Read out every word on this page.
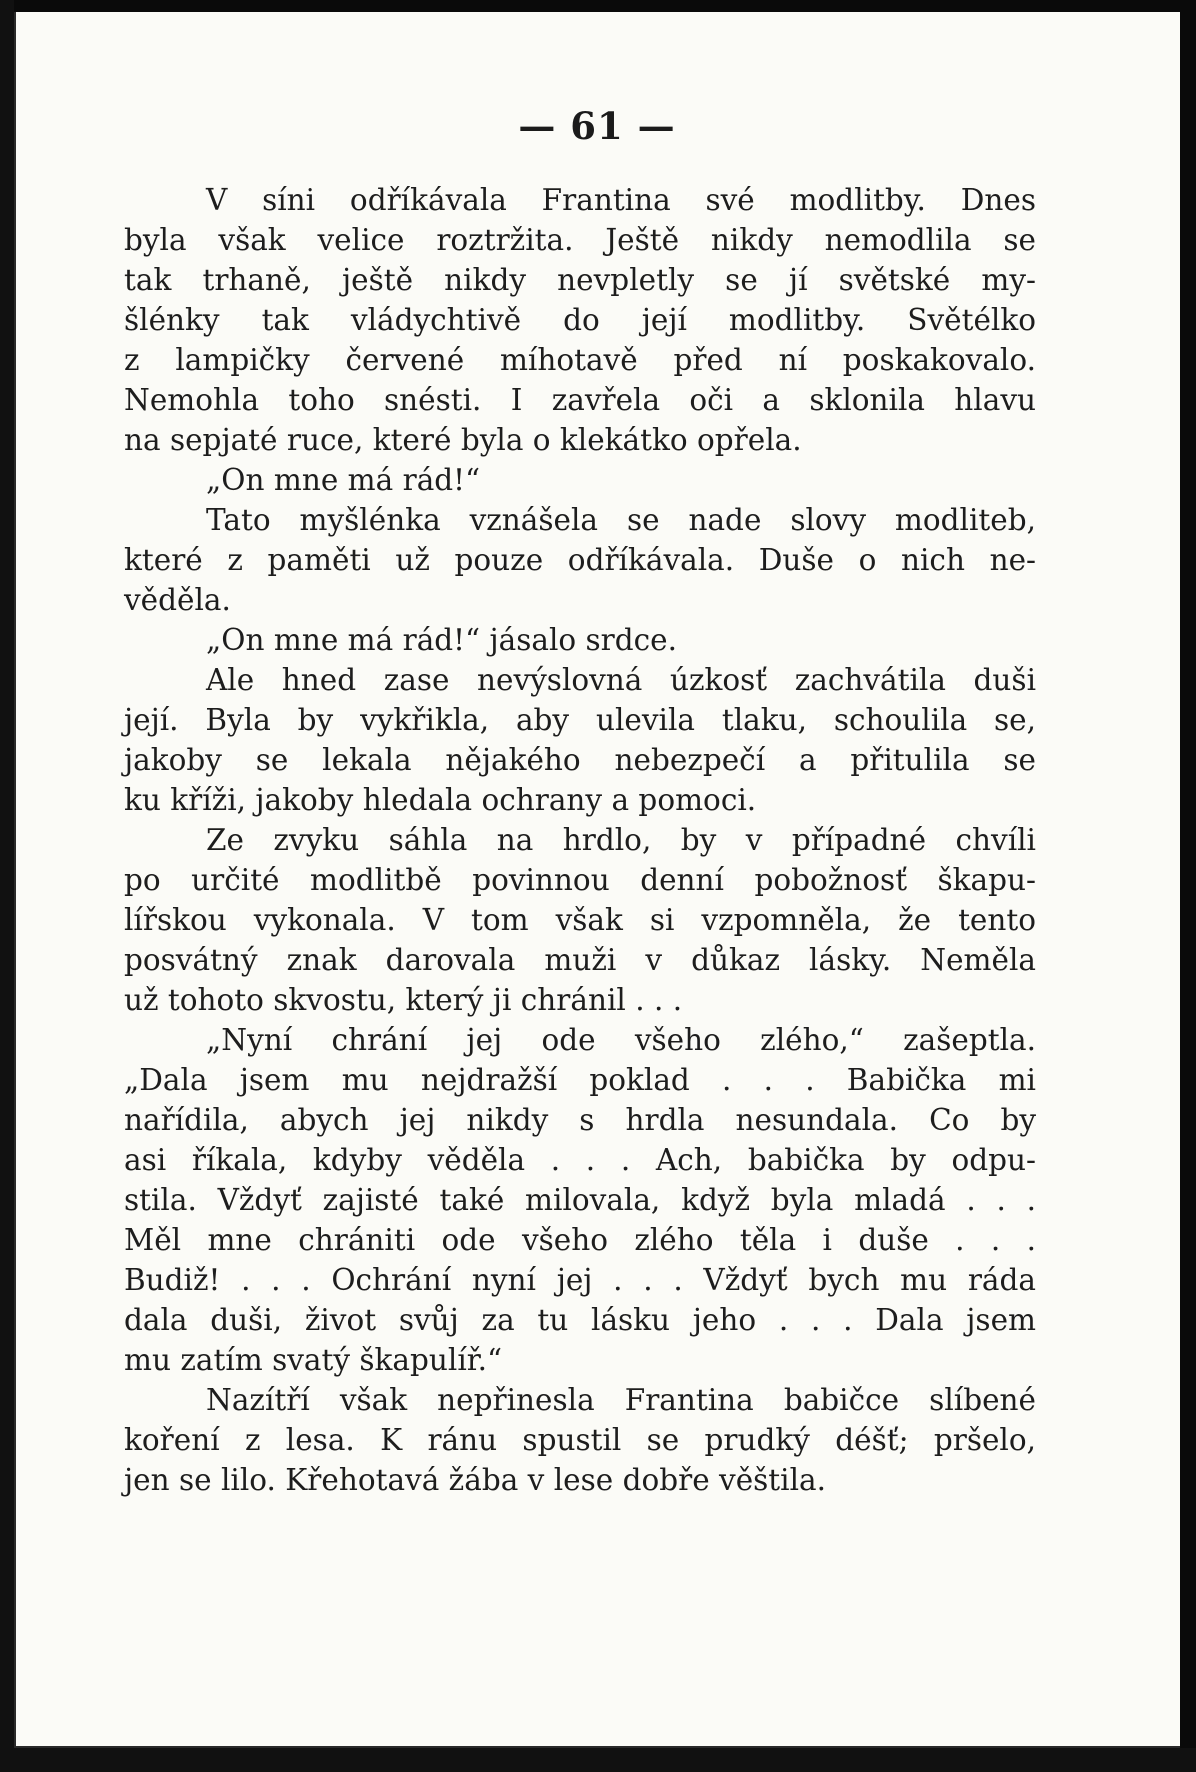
— 61 —
V síni odříkávala Frantina své modlitby. Dnes
byla však velice roztržita. Ještě nikdy nemodlila se
tak trhaně, ještě nikdy nevpletly se jí světské my-
šlénky tak vládychtivě do její modlitby. Světélko
z lampičky červené míhotavě před ní poskakovalo.
Nemohla toho snésti. I zavřela oči a sklonila hlavu
na sepjaté ruce, které byla o klekátko opřela.
„On mne má rád!“
Tato myšlénka vznášela se nade slovy modliteb,
které z paměti už pouze odříkávala. Duše o nich ne-
věděla.
„On mne má rád!“ jásalo srdce.
Ale hned zase nevýslovná úzkosť zachvátila duši
její. Byla by vykřikla, aby ulevila tlaku, schoulila se,
jakoby se lekala nějakého nebezpečí a přitulila se
ku kříži, jakoby hledala ochrany a pomoci.
Ze zvyku sáhla na hrdlo, by v případné chvíli
po určité modlitbě povinnou denní pobožnosť škapu-
lířskou vykonala. V tom však si vzpomněla, že tento
posvátný znak darovala muži v důkaz lásky. Neměla
už tohoto skvostu, který ji chránil . . .
„Nyní chrání jej ode všeho zlého,“ zašeptla.
„Dala jsem mu nejdražší poklad . . . Babička mi
nařídila, abych jej nikdy s hrdla nesundala. Co by
asi říkala, kdyby věděla . . . Ach, babička by odpu-
stila. Vždyť zajisté také milovala, když byla mladá . . .
Měl mne chrániti ode všeho zlého těla i duše . . .
Budiž! . . . Ochrání nyní jej . . . Vždyť bych mu ráda
dala duši, život svůj za tu lásku jeho . . . Dala jsem
mu zatím svatý škapulíř.“
Nazítří však nepřinesla Frantina babičce slíbené
koření z lesa. K ránu spustil se prudký déšť; pršelo,
jen se lilo. Křehotavá žába v lese dobře věštila.
